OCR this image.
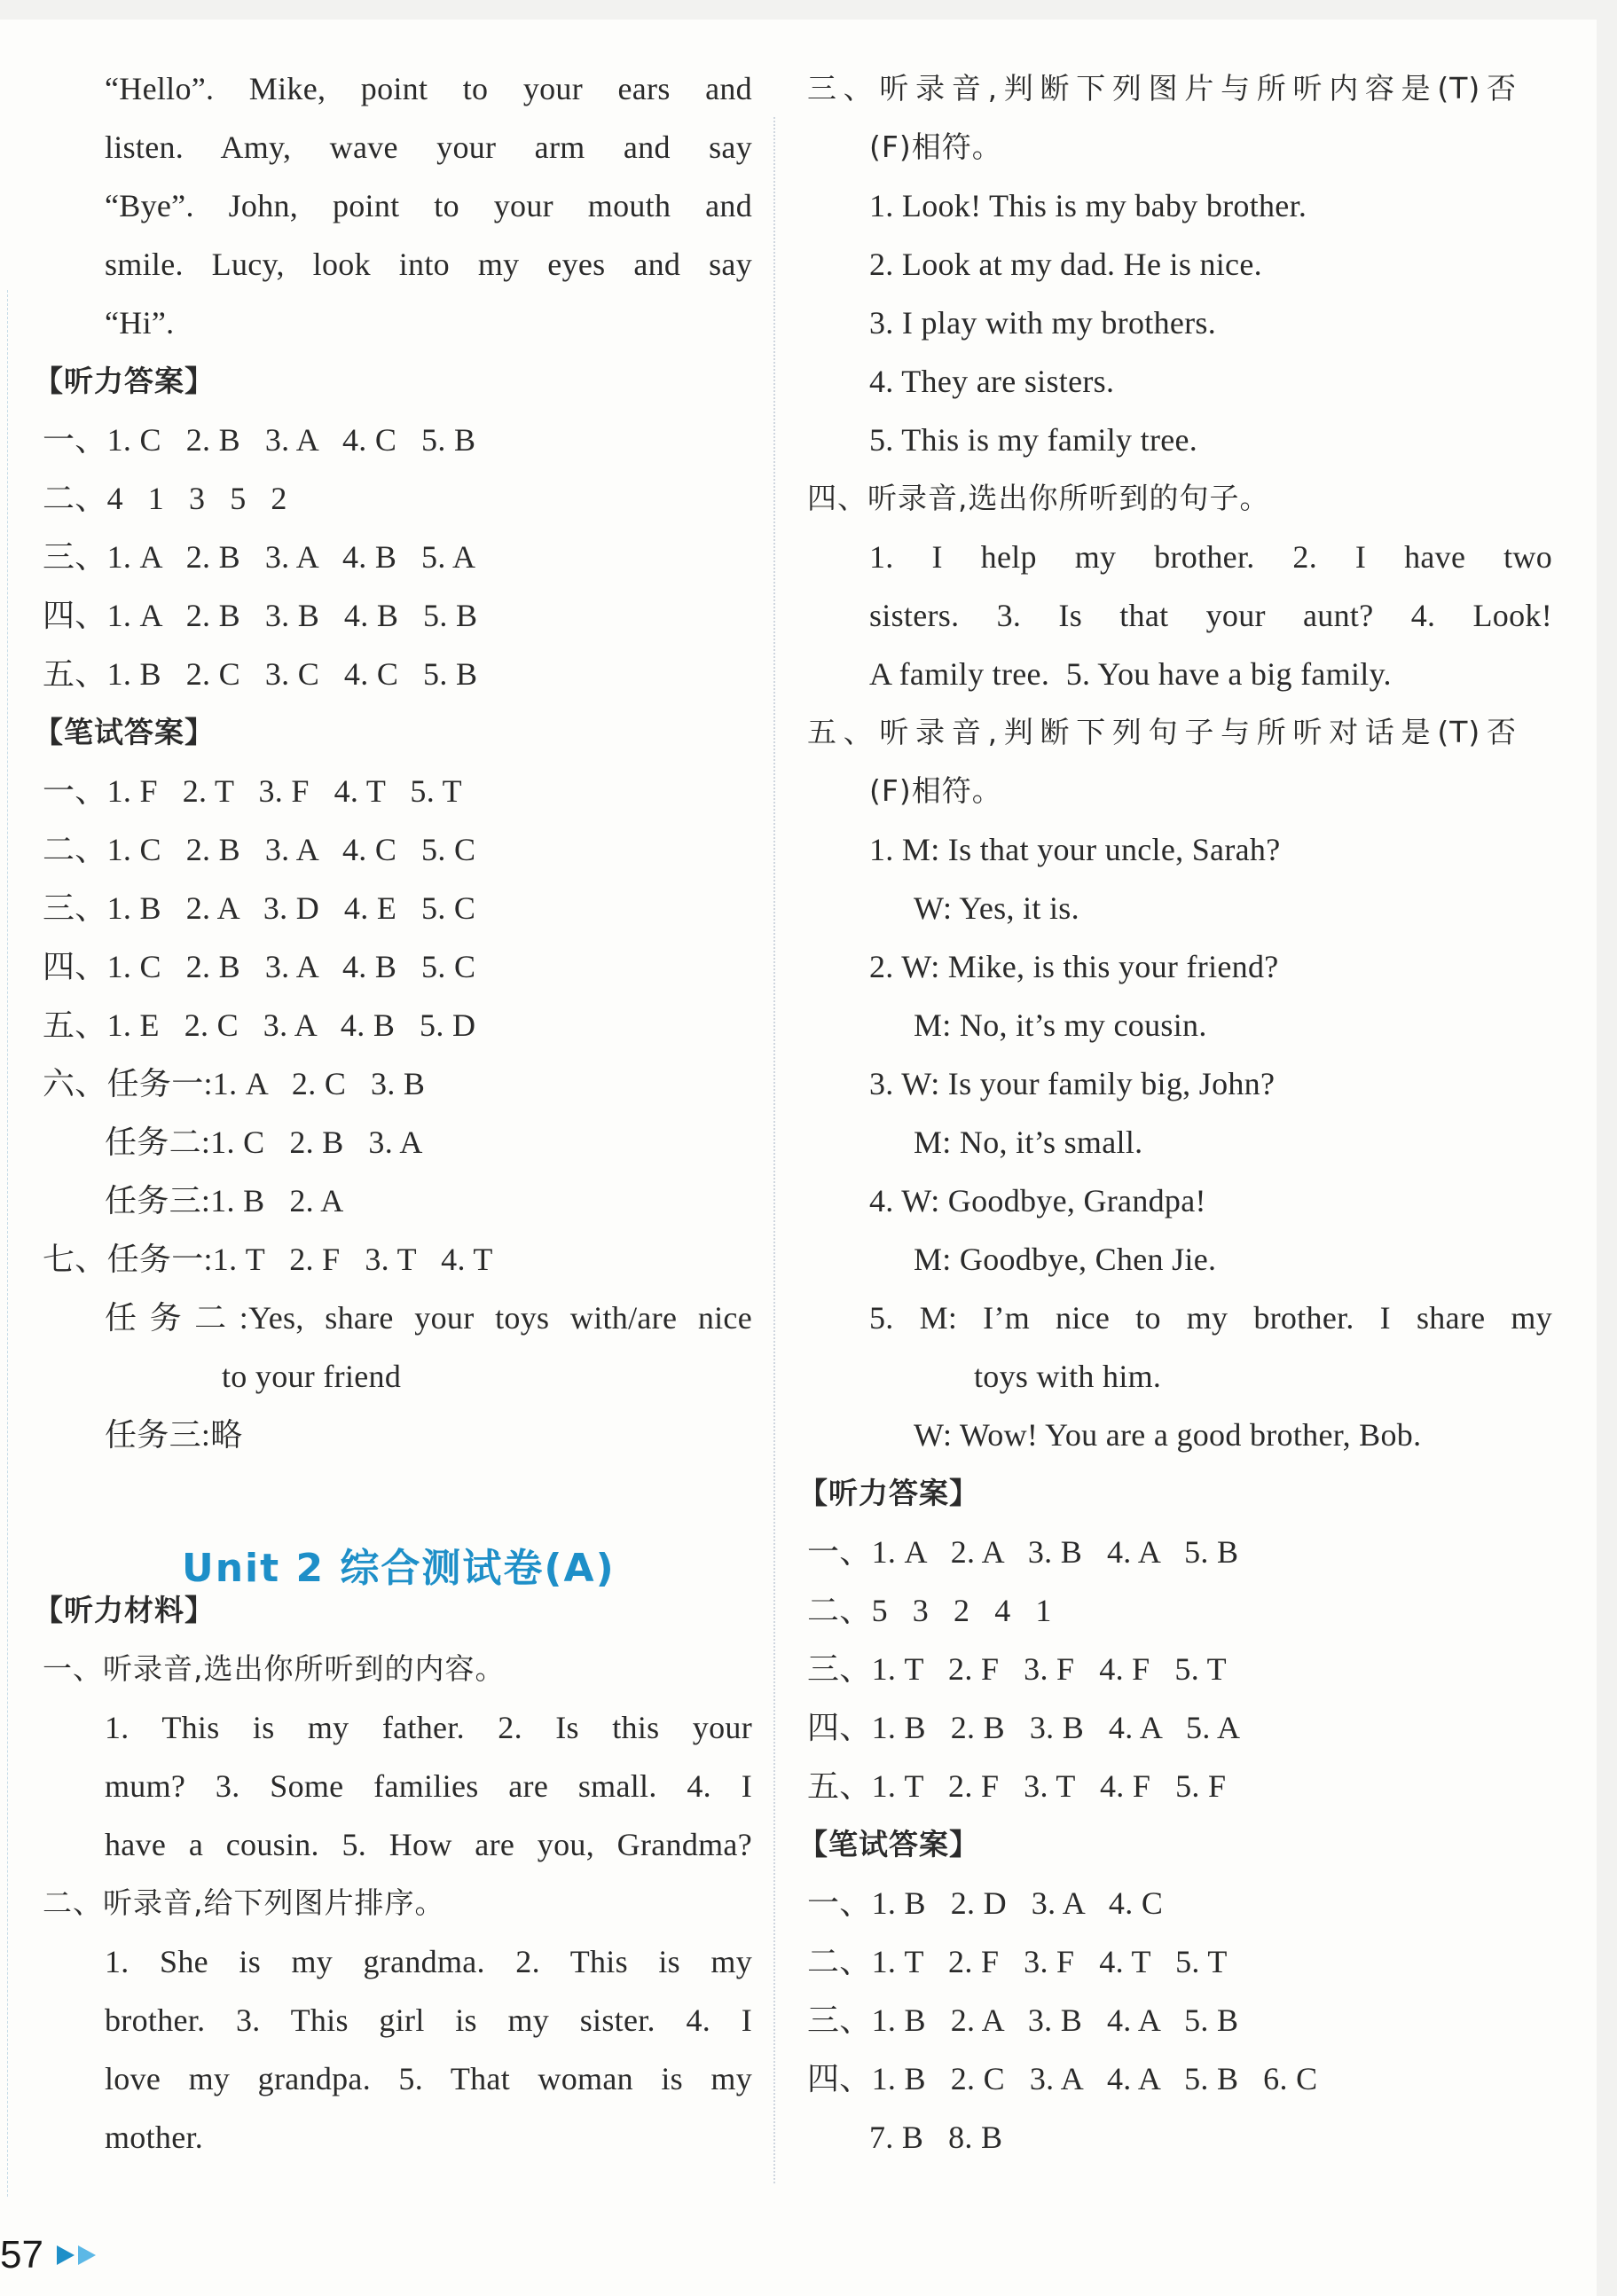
“Hello”. Mike, point to your ears and
listen. Amy, wave your arm and say
“Bye”. John, point to your mouth and
smile. Lucy, look into my eyes and say
“Hi”.
【听力答案】
一、1. C   2. B   3. A   4. C   5. B
二、4   1   3   5   2
三、1. A   2. B   3. A   4. B   5. A
四、1. A   2. B   3. B   4. B   5. B
五、1. B   2. C   3. C   4. C   5. B
【笔试答案】
一、1. F   2. T   3. F   4. T   5. T
二、1. C   2. B   3. A   4. C   5. C
三、1. B   2. A   3. D   4. E   5. C
四、1. C   2. B   3. A   4. B   5. C
五、1. E   2. C   3. A   4. B   5. D
六、任务一:1. A   2. C   3. B
任务二:1. C   2. B   3. A
任务三:1. B   2. A
七、任务一:1. T   2. F   3. T   4. T
任务二:Yes, share your toys with/are nice
to your friend
任务三:略
【听力材料】
一、听录音,选出你所听到的内容。
1. This is my father. 2. Is this your
mum? 3. Some families are small. 4. I
have a cousin. 5. How are you, Grandma?
二、听录音,给下列图片排序。
1. She is my grandma. 2. This is my
brother. 3. This girl is my sister. 4. I
love my grandpa. 5. That woman is my
mother.
三、听录音,判断下列图片与所听内容是(T)否
(F)相符。
1. Look! This is my baby brother.
2. Look at my dad. He is nice.
3. I play with my brothers.
4. They are sisters.
5. This is my family tree.
四、听录音,选出你所听到的句子。
1. I help my brother. 2. I have two
sisters. 3. Is that your aunt? 4. Look!
A family tree.  5. You have a big family.
五、听录音,判断下列句子与所听对话是(T)否
(F)相符。
1. M: Is that your uncle, Sarah?
W: Yes, it is.
2. W: Mike, is this your friend?
M: No, it’s my cousin.
3. W: Is your family big, John?
M: No, it’s small.
4. W: Goodbye, Grandpa!
M: Goodbye, Chen Jie.
5. M: I’m nice to my brother. I share my
toys with him.
W: Wow! You are a good brother, Bob.
【听力答案】
一、1. A   2. A   3. B   4. A   5. B
二、5   3   2   4   1
三、1. T   2. F   3. F   4. F   5. T
四、1. B   2. B   3. B   4. A   5. A
五、1. T   2. F   3. T   4. F   5. F
【笔试答案】
一、1. B   2. D   3. A   4. C
二、1. T   2. F   3. F   4. T   5. T
三、1. B   2. A   3. B   4. A   5. B
四、1. B   2. C   3. A   4. A   5. B   6. C
7. B   8. B
Unit 2 综合测试卷(A)
57
